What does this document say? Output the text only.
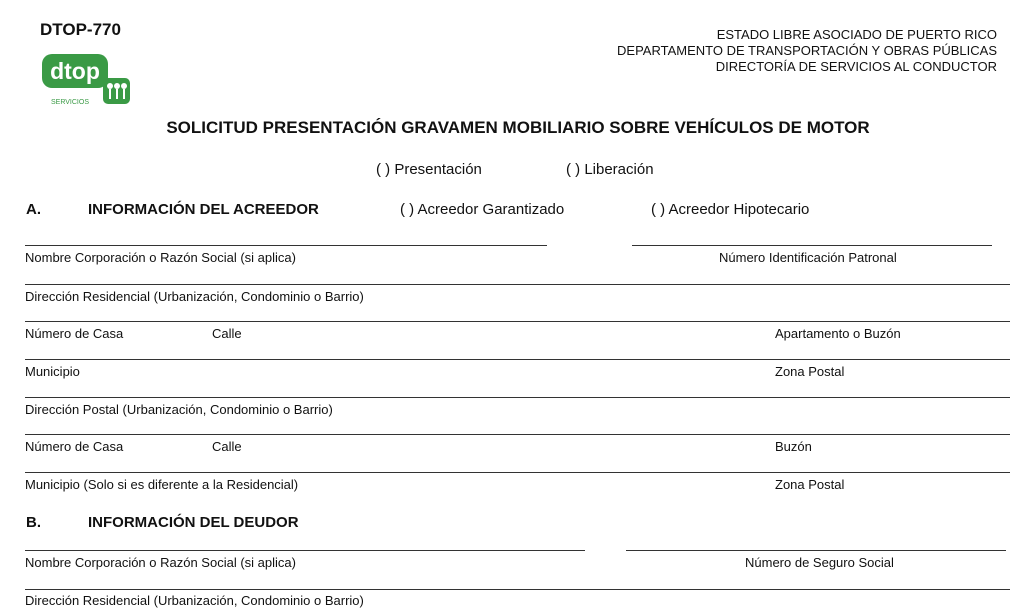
DTOP-770
dtop
SERVICIOS
ESTADO LIBRE ASOCIADO DE PUERTO RICO
DEPARTAMENTO DE TRANSPORTACIÓN Y OBRAS PÚBLICAS
DIRECTORÍA DE SERVICIOS AL CONDUCTOR
SOLICITUD PRESENTACIÓN GRAVAMEN MOBILIARIO SOBRE VEHÍCULOS DE MOTOR
( ) Presentación	( ) Liberación
A.	INFORMACIÓN DEL ACREEDOR	( ) Acreedor Garantizado	( ) Acreedor Hipotecario
Nombre Corporación o Razón Social (si aplica)	Número Identificación Patronal
Dirección Residencial (Urbanización, Condominio o Barrio)
Número de Casa	Calle	Apartamento o Buzón
Municipio	Zona Postal
Dirección Postal (Urbanización, Condominio o Barrio)
Número de Casa	Calle	Buzón
Municipio (Solo si es diferente a la Residencial)	Zona Postal
B.	INFORMACIÓN DEL DEUDOR
Nombre Corporación o Razón Social (si aplica)	Número de Seguro Social
Dirección Residencial (Urbanización, Condominio o Barrio)
